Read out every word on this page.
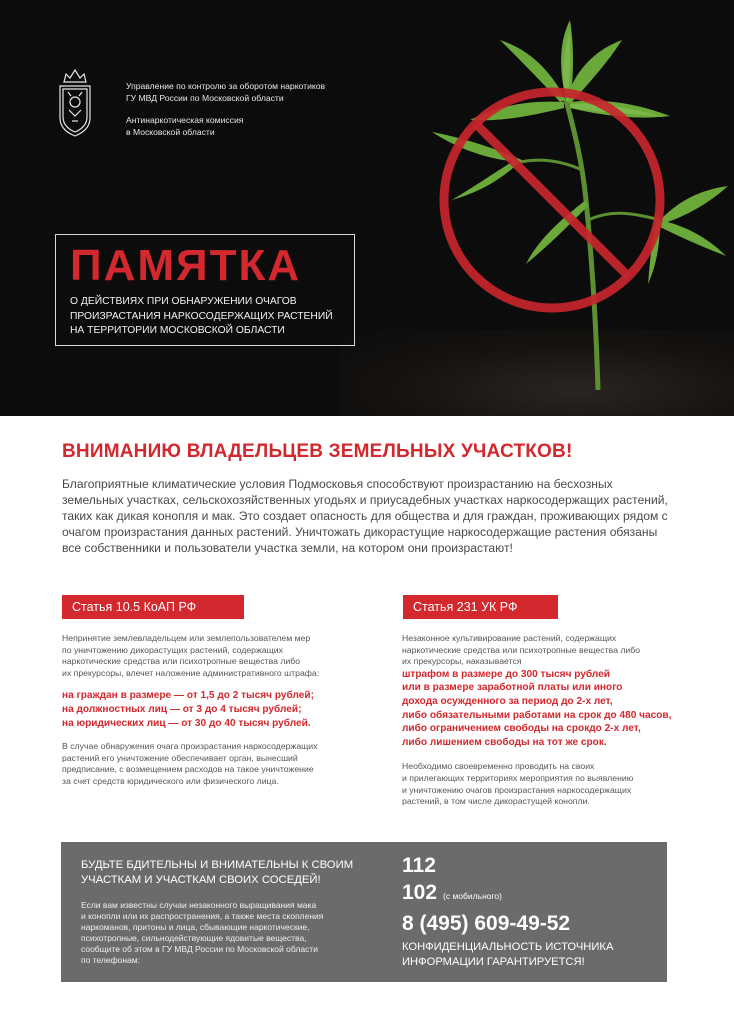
Управление по контролю за оборотом наркотиков

ГУ МВД России по Московской области

Антинаркотическая комиссия

в Московской области

ПАМЯТКА
О ДЕЙСТВИЯХ ПРИ ОБНАРУЖЕНИИ ОЧАГОВ
ПРОИЗРАСТАНИЯ НАРКОСОДЕРЖАЩИХ РАСТЕНИЙ
НА ТЕРРИТОРИИ МОСКОВСКОЙ ОБЛАСТИ
ВНИМАНИЮ ВЛАДЕЛЬЦЕВ ЗЕМЕЛЬНЫХ УЧАСТКОВ!

Благоприятные климатические условия Подмосковья способствуют произрастанию на бесхозных земельных участках, сельскохозяйственных угодьях и приусадебных участках наркосодержащих растений, таких как дикая конопля и мак. Это создает опасность для общества и для граждан, проживающих рядом с очагом произрастания данных растений. Уничтожать дикорастущие наркосодержащие растения обязаны все собственники и пользователи участка земли, на котором они произрастают!

Статья 10.5 КоАП РФ	Статья 231 УК РФ
Непринятие землевладельцем или землепользователем мер
по уничтожению дикорастущих растений, содержащих
наркотические средства или психотропные вещества либо
их прекурсоры, влечет наложение административного штрафа:
на граждан в размере — от 1,5 до 2 тысяч рублей;
на должностных лиц — от 3 до 4 тысяч рублей;
на юридических лиц — от 30 до 40 тысяч рублей.
В случае обнаружения очага произрастания наркосодержащих
растений его уничтожение обеспечивает орган, вынесший
предписание, с возмещением расходов на такое уничтожение
за счет средств юридического или физического лица.
Незаконное культивирование растений, содержащих
наркотические средства или психотропные вещества либо
их прекурсоры, наказывается
штрафом в размере до 300 тысяч рублей
или в размере заработной платы или иного
дохода осужденного за период до 2-х лет,
либо обязательными работами на срок до 480 часов,
либо ограничением свободы на срокдо 2-х лет,
либо лишением свободы на тот же срок.
Необходимо своевременно проводить на своих
и прилегающих территориях мероприятия по выявлению
и уничтожению очагов произрастания наркосодержащих
растений, в том числе дикорастущей конопли.
БУДЬТЕ БДИТЕЛЬНЫ И ВНИМАТЕЛЬНЫ К СВОИМ
УЧАСТКАМ И УЧАСТКАМ СВОИХ СОСЕДЕЙ!
Если вам известны случаи незаконного выращивания мака
и конопли или их распространения, а также места скопления
наркоманов, притоны и лица, сбывающие наркотические,
психотропные, сильнодействующие ядовитые вещества,
сообщите об этом в ГУ МВД России по Московской области
по телефонам:

112

102 (с мобильного)

8 (495) 609-49-52

КОНФИДЕНЦИАЛЬНОСТЬ ИСТОЧНИКА
ИНФОРМАЦИИ ГАРАНТИРУЕТСЯ!
